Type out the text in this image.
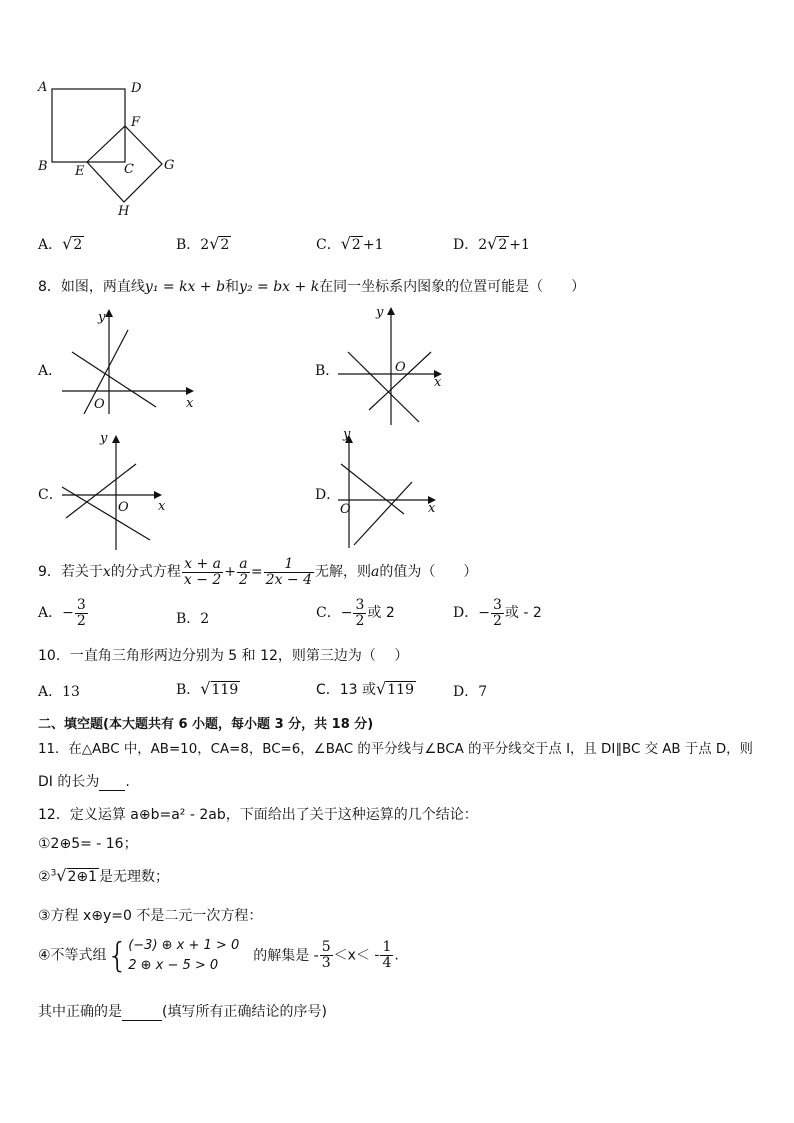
A	D
F
B E	C G
H
A．√2	B．2√2	C．√2 +1	D．2√2 +1
8．如图，两直线y₁ = kx + b和y₂ = bx + k在同一坐标系内图象的位置可能是（　　）
A．
x
y
O
B．
x
y
O
C．
x
y
O
D．
x
y
O
9．若关于x的分式方程 $\frac{x + a}{x - 2} + \frac{a}{2} = \frac{1}{2x - 4}$ 无解，则a的值为（　　）
A．− $\frac{3}{2}$	B．2	C．− $\frac{3}{2}$ 或 2	D．− $\frac{3}{2}$ 或 - 2
10．一直角三角形两边分别为 5 和 12，则第三边为（　 ）
A．13	B．√119	C．13 或√119	D．7
二、填空题(本大题共有 6 小题，每小题 3 分，共 18 分)
11．在△ABC 中，AB=10，CA=8，BC=6，∠BAC 的平分线与∠BCA 的平分线交于点 I，且 DI∥BC 交 AB 于点 D，则
DI 的长为 .
12．定义运算 a⊕b=a² - 2ab，下面给出了关于这种运算的几个结论：
①2⊕5= - 16；
②$^3$√2⊕1 是无理数；
③方程 x⊕y=0 不是二元一次方程：
④不等式组{ (−3) ⊕ x + 1 > 0
2 ⊕ x − 5 > 0
的解集是 - $\frac{5}{3} <x< - \frac{1}{4}$ .
其中正确的是	(填写所有正确结论的序号)
